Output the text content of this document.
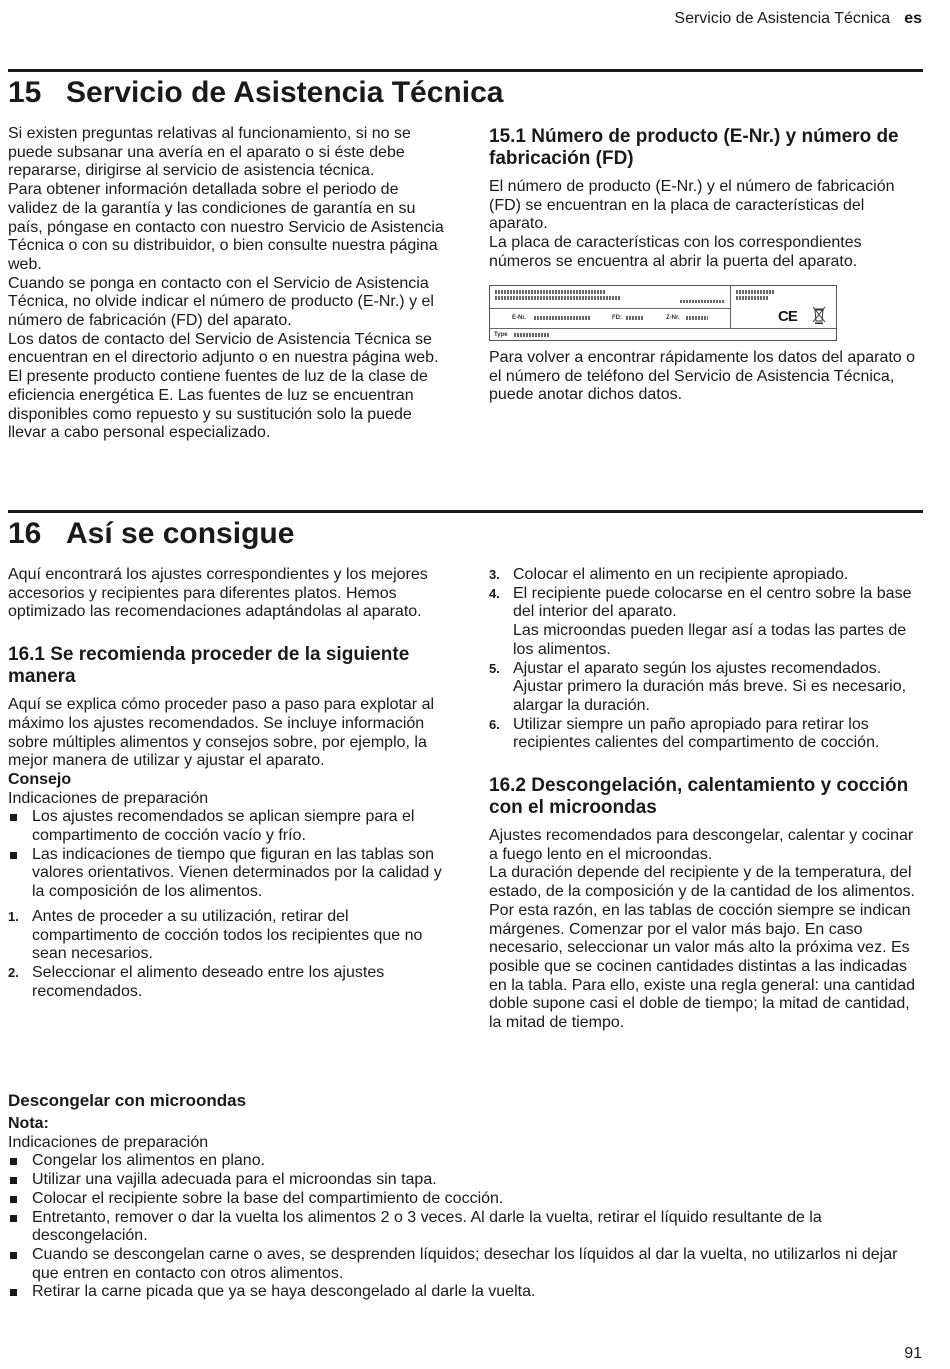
Servicio de Asistencia Técnica es
15 Servicio de Asistencia Técnica

Si existen preguntas relativas al funcionamiento, si no se puede subsanar una avería en el aparato o si éste debe repararse, dirigirse al servicio de asistencia técnica.

Para obtener información detallada sobre el periodo de validez de la garantía y las condiciones de garantía en su país, póngase en contacto con nuestro Servicio de Asistencia Técnica o con su distribuidor, o bien consulte nuestra página web.

Cuando se ponga en contacto con el Servicio de Asistencia Técnica, no olvide indicar el número de producto (E-Nr.) y el número de fabricación (FD) del aparato.

Los datos de contacto del Servicio de Asistencia Técnica se encuentran en el directorio adjunto o en nuestra página web.

El presente producto contiene fuentes de luz de la clase de eficiencia energética E. Las fuentes de luz se encuentran disponibles como repuesto y su sustitución solo la puede llevar a cabo personal especializado.

15.1 Número de producto (E-Nr.) y número de fabricación (FD)

El número de producto (E-Nr.) y el número de fabricación (FD) se encuentran en la placa de características del aparato.

La placa de características con los correspondientes números se encuentra al abrir la puerta del aparato.

E-Nr.	FD:	Z-Nr.
Type
CE

Para volver a encontrar rápidamente los datos del aparato o el número de teléfono del Servicio de Asistencia Técnica, puede anotar dichos datos.

16 Así se consigue

Aquí encontrará los ajustes correspondientes y los mejores accesorios y recipientes para diferentes platos. Hemos optimizado las recomendaciones adaptándolas al aparato.

16.1 Se recomienda proceder de la siguiente manera

Aquí se explica cómo proceder paso a paso para explotar al máximo los ajustes recomendados. Se incluye información sobre múltiples alimentos y consejos sobre, por ejemplo, la mejor manera de utilizar y ajustar el aparato.

Consejo

Indicaciones de preparación

Los ajustes recomendados se aplican siempre para el compartimento de cocción vacío y frío.
Las indicaciones de tiempo que figuran en las tablas son valores orientativos. Vienen determinados por la calidad y la composición de los alimentos.
1. Antes de proceder a su utilización, retirar del compartimento de cocción todos los recipientes que no sean necesarios.
2. Seleccionar el alimento deseado entre los ajustes recomendados.
3. Colocar el alimento en un recipiente apropiado.
4. El recipiente puede colocarse en el centro sobre la base del interior del aparato.
Las microondas pueden llegar así a todas las partes de los alimentos.
5. Ajustar el aparato según los ajustes recomendados.
Ajustar primero la duración más breve. Si es necesario, alargar la duración.
6. Utilizar siempre un paño apropiado para retirar los recipientes calientes del compartimento de cocción.
16.2 Descongelación, calentamiento y cocción con el microondas

Ajustes recomendados para descongelar, calentar y cocinar a fuego lento en el microondas.

La duración depende del recipiente y de la temperatura, del estado, de la composición y de la cantidad de los alimentos. Por esta razón, en las tablas de cocción siempre se indican márgenes. Comenzar por el valor más bajo. En caso necesario, seleccionar un valor más alto la próxima vez. Es posible que se cocinen cantidades distintas a las indicadas en la tabla. Para ello, existe una regla general: una cantidad doble supone casi el doble de tiempo; la mitad de cantidad, la mitad de tiempo.

Descongelar con microondas

Nota:

Indicaciones de preparación

Congelar los alimentos en plano.
Utilizar una vajilla adecuada para el microondas sin tapa.
Colocar el recipiente sobre la base del compartimiento de cocción.
Entretanto, remover o dar la vuelta los alimentos 2 o 3 veces. Al darle la vuelta, retirar el líquido resultante de la descongelación.
Cuando se descongelan carne o aves, se desprenden líquidos; desechar los líquidos al dar la vuelta, no utilizarlos ni dejar que entren en contacto con otros alimentos.
Retirar la carne picada que ya se haya descongelado al darle la vuelta.
91
